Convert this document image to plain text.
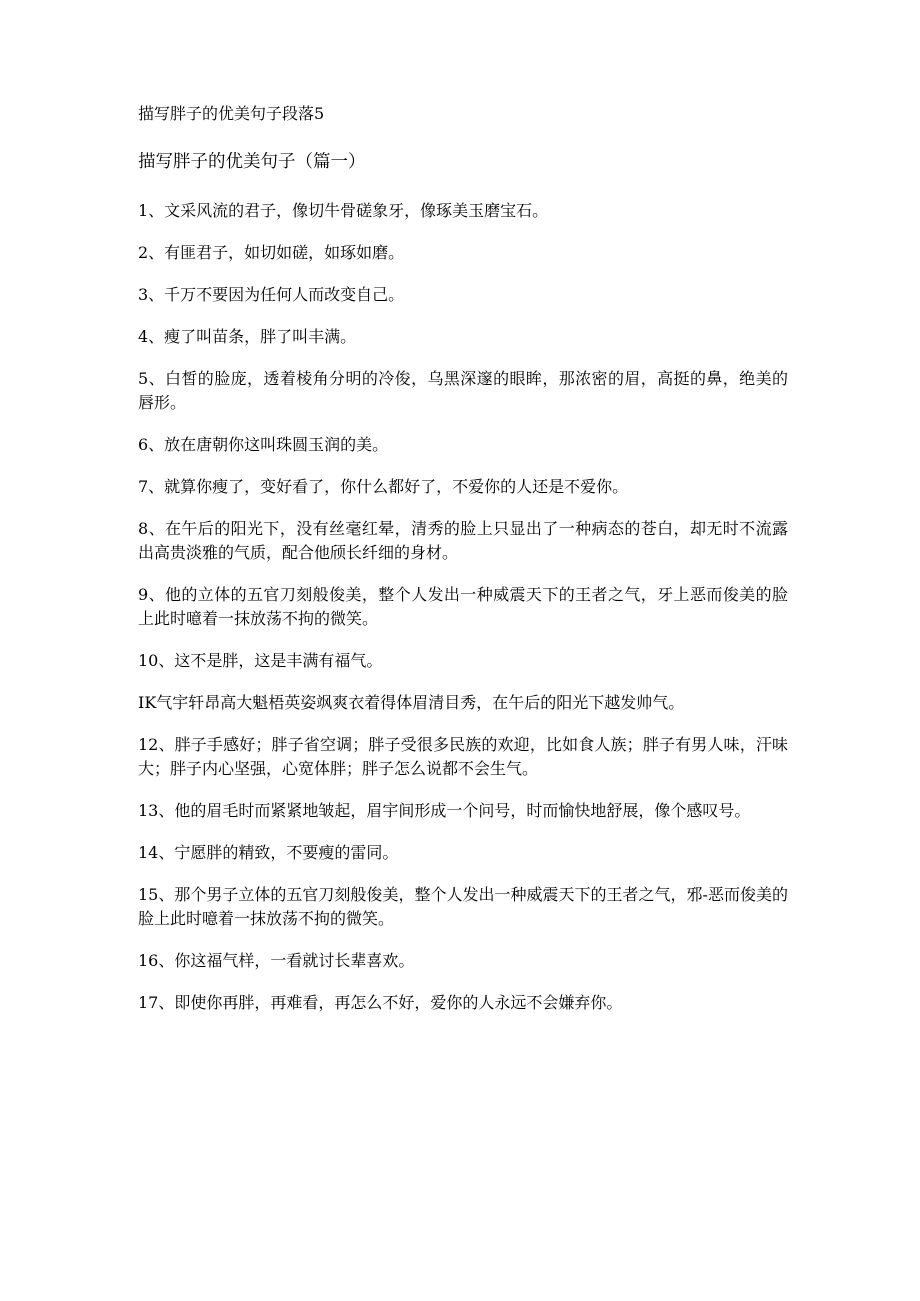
描写胖子的优美句子段落5
描写胖子的优美句子（篇一）

1、文采风流的君子，像切牛骨磋象牙，像琢美玉磨宝石。

2、有匪君子，如切如磋，如琢如磨。

3、千万不要因为任何人而改变自己。

4、瘦了叫苗条，胖了叫丰满。

5、白皙的脸庞，透着棱角分明的冷俊，乌黑深邃的眼眸，那浓密的眉，高挺的鼻，绝美的唇形。

6、放在唐朝你这叫珠圆玉润的美。

7、就算你瘦了，变好看了，你什么都好了，不爱你的人还是不爱你。

8、在午后的阳光下，没有丝毫红晕，清秀的脸上只显出了一种病态的苍白，却无时不流露出高贵淡雅的气质，配合他颀长纤细的身材。

9、他的立体的五官刀刻般俊美，整个人发出一种威震天下的王者之气，牙上恶而俊美的脸上此时噫着一抹放荡不拘的微笑。

10、这不是胖，这是丰满有福气。

IK气宇轩昂高大魁梧英姿飒爽衣着得体眉清目秀，在午后的阳光下越发帅气。

12、胖子手感好；胖子省空调；胖子受很多民族的欢迎，比如食人族；胖子有男人味，汗味大；胖子内心坚强，心宽体胖；胖子怎么说都不会生气。

13、他的眉毛时而紧紧地皱起，眉宇间形成一个问号，时而愉快地舒展，像个感叹号。

14、宁愿胖的精致，不要瘦的雷同。

15、那个男子立体的五官刀刻般俊美，整个人发出一种威震天下的王者之气，邪-恶而俊美的脸上此时噫着一抹放荡不拘的微笑。

16、你这福气样，一看就讨长辈喜欢。

17、即使你再胖，再难看，再怎么不好，爱你的人永远不会嫌弃你。
